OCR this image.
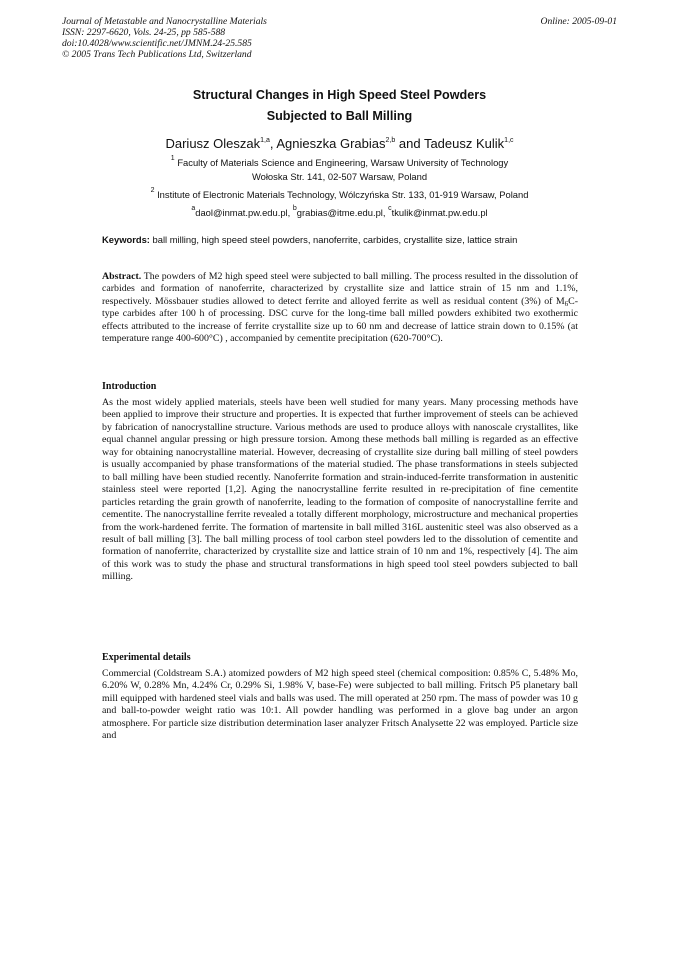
Journal of Metastable and Nanocrystalline Materials
ISSN: 2297-6620, Vols. 24-25, pp 585-588
doi:10.4028/www.scientific.net/JMNM.24-25.585
© 2005 Trans Tech Publications Ltd, Switzerland
Online: 2005-09-01
Structural Changes in High Speed Steel Powders
Subjected to Ball Milling
Dariusz Oleszak$^{1,a}$, Agnieszka Grabias$^{2,b}$ and Tadeusz Kulik$^{1,c}$
$^1$ Faculty of Materials Science and Engineering, Warsaw University of Technology
Wołoska Str. 141, 02-507 Warsaw, Poland
$^2$ Institute of Electronic Materials Technology, Wólczyńska Str. 133, 01-919 Warsaw, Poland
$^a$daol@inmat.pw.edu.pl, $^b$grabias@itme.edu.pl, $^c$tkulik@inmat.pw.edu.pl
Keywords: ball milling, high speed steel powders, nanoferrite, carbides, crystallite size, lattice strain
Abstract. The powders of M2 high speed steel were subjected to ball milling. The process resulted in the dissolution of carbides and formation of nanoferrite, characterized by crystallite size and lattice strain of 15 nm and 1.1%, respectively. Mössbauer studies allowed to detect ferrite and alloyed ferrite as well as residual content (3%) of $M_6C$-type carbides after 100 h of processing. DSC curve for the long-time ball milled powders exhibited two exothermic effects attributed to the increase of ferrite crystallite size up to 60 nm and decrease of lattice strain down to 0.15% (at temperature range 400-600°C) , accompanied by cementite precipitation (620-700°C).
Introduction
As the most widely applied materials, steels have been well studied for many years. Many processing methods have been applied to improve their structure and properties. It is expected that further improvement of steels can be achieved by fabrication of nanocrystalline structure. Various methods are used to produce alloys with nanoscale crystallites, like equal channel angular pressing or high pressure torsion. Among these methods ball milling is regarded as an effective way for obtaining nanocrystalline material. However, decreasing of crystallite size during ball milling of steel powders is usually accompanied by phase transformations of the material studied. The phase transformations in steels subjected to ball milling have been studied recently. Nanoferrite formation and strain-induced-ferrite transformation in austenitic stainless steel were reported [1,2]. Aging the nanocrystalline ferrite resulted in re-precipitation of fine cementite particles retarding the grain growth of nanoferrite, leading to the formation of composite of nanocrystalline ferrite and cementite. The nanocrystalline ferrite revealed a totally different morphology, microstructure and mechanical properties from the work-hardened ferrite. The formation of martensite in ball milled 316L austenitic steel was also observed as a result of ball milling [3]. The ball milling process of tool carbon steel powders led to the dissolution of cementite and formation of nanoferrite, characterized by crystallite size and lattice strain of 10 nm and 1%, respectively [4]. The aim of this work was to study the phase and structural transformations in high speed tool steel powders subjected to ball milling.
Experimental details
Commercial (Coldstream S.A.) atomized powders of M2 high speed steel (chemical composition: 0.85% C, 5.48% Mo, 6.20% W, 0.28% Mn, 4.24% Cr, 0.29% Si, 1.98% V, base-Fe) were subjected to ball milling. Fritsch P5 planetary ball mill equipped with hardened steel vials and balls was used. The mill operated at 250 rpm. The mass of powder was 10 g and ball-to-powder weight ratio was 10:1. All powder handling was performed in a glove bag under an argon atmosphere. For particle size distribution determination laser analyzer Fritsch Analysette 22 was employed. Particle size and
